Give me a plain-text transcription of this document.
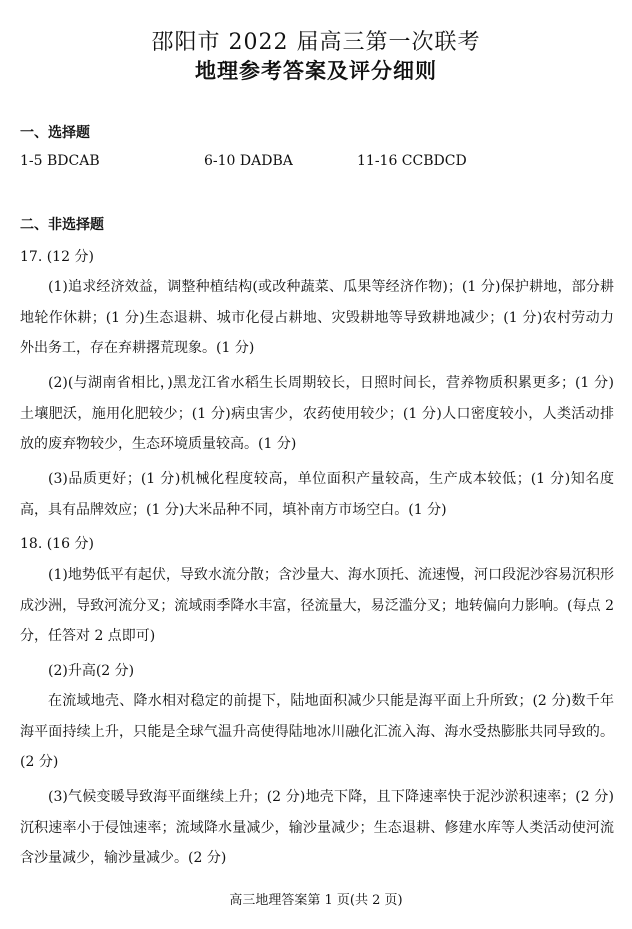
邵阳市 2022 届高三第一次联考
地理参考答案及评分细则
一、选择题
1-5 BDCAB	6-10 DADBA	11-16 CCBDCD
二、非选择题
17. (12 分)
(1)追求经济效益，调整种植结构(或改种蔬菜、瓜果等经济作物)；(1 分)保护耕地，部分耕地轮作休耕；(1 分)生态退耕、城市化侵占耕地、灾毁耕地等导致耕地减少；(1 分)农村劳动力外出务工，存在弃耕撂荒现象。(1 分)
(2)(与湖南省相比，)黑龙江省水稻生长周期较长，日照时间长，营养物质积累更多；(1 分)土壤肥沃，施用化肥较少；(1 分)病虫害少，农药使用较少；(1 分)人口密度较小，人类活动排放的废弃物较少，生态环境质量较高。(1 分)
(3)品质更好；(1 分)机械化程度较高，单位面积产量较高，生产成本较低；(1 分)知名度高，具有品牌效应；(1 分)大米品种不同，填补南方市场空白。(1 分)
18. (16 分)
(1)地势低平有起伏，导致水流分散；含沙量大、海水顶托、流速慢，河口段泥沙容易沉积形成沙洲，导致河流分叉；流域雨季降水丰富，径流量大，易泛滥分叉；地转偏向力影响。(每点 2 分，任答对 2 点即可)
(2)升高(2 分)
在流域地壳、降水相对稳定的前提下，陆地面积减少只能是海平面上升所致；(2 分)数千年海平面持续上升，只能是全球气温升高使得陆地冰川融化汇流入海、海水受热膨胀共同导致的。(2 分)
(3)气候变暖导致海平面继续上升；(2 分)地壳下降，且下降速率快于泥沙淤积速率；(2 分)沉积速率小于侵蚀速率；流域降水量减少，输沙量减少；生态退耕、修建水库等人类活动使河流含沙量减少，输沙量减少。(2 分)
高三地理答案第 1 页(共 2 页)
